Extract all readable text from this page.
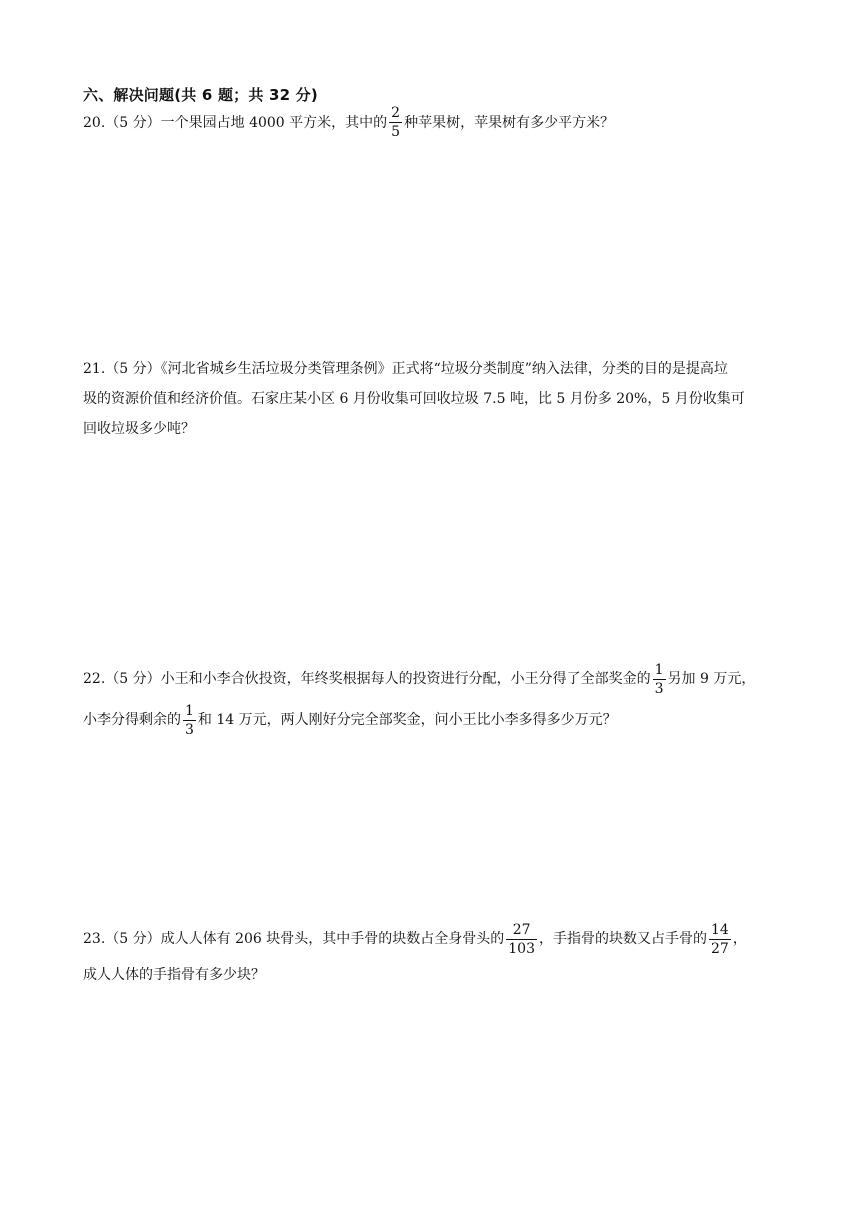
六、解决问题(共 6 题；共 32 分)
20.（5 分）一个果园占地 4000 平方米，其中的 $\frac{2}{5}$ 种苹果树，苹果树有多少平方米？
21.（5 分）《河北省城乡生活垃圾分类管理条例》正式将“垃圾分类制度”纳入法律，分类的目的是提高垃
圾的资源价值和经济价值。石家庄某小区 6 月份收集可回收垃圾 7.5 吨，比 5 月份多 20%，5 月份收集可
回收垃圾多少吨？
22.（5 分）小王和小李合伙投资，年终奖根据每人的投资进行分配，小王分得了全部奖金的 $\frac{1}{3}$ 另加 9 万元，

小李分得剩余的 $\frac{1}{3}$ 和 14 万元，两人刚好分完全部奖金，问小王比小李多得多少万元？
23.（5 分）成人人体有 206 块骨头，其中手骨的块数占全身骨头的 $\frac{27}{103}$ ，手指骨的块数又占手骨的 $\frac{14}{27}$ ，
成人人体的手指骨有多少块？
